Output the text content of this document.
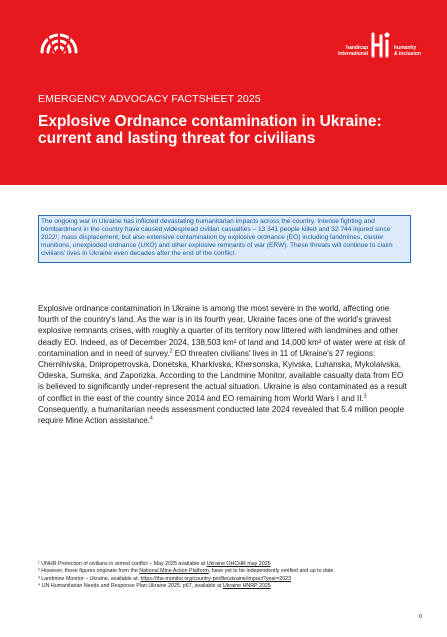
handicap
international
humanity
& inclusion
EMERGENCY ADVOCACY FACTSHEET 2025
Explosive Ordnance contamination in Ukraine: current and lasting threat for civilians
The ongoing war in Ukraine has inflicted devastating humanitarian impacts across the country. Intense fighting and bombardment in the country have caused widespread civilian casualties – 13 341 people killed and 32 744 injured since 2022¹, mass displacement, but also extensive contamination by explosive ordnance (EO) including landmines, cluster munitions, unexploded ordnance (UXO) and other explosive remnants of war (ERW). These threats will continue to claim civilians' lives in Ukraine even decades after the end of the conflict.

Explosive ordnance contamination in Ukraine is among the most severe in the world, affecting one fourth of the country's land. As the war is in its fourth year, Ukraine faces one of the world's gravest explosive remnants crises, with roughly a quarter of its territory now littered with landmines and other deadly EO. Indeed, as of December 2024, 138,503 km² of land and 14,000 km² of water were at risk of contamination and in need of survey.$^2$ EO threaten civilians' lives in 11 of Ukraine's 27 regions: Chernihivska, Dnipropetrovska, Donetska, Kharkivska, Khersonska, Kyivska, Luhanska, Mykolaivska, Odeska, Sumska, and Zaporizka. According to the Landmine Monitor, available casualty data from EO is believed to significantly under-represent the actual situation. Ukraine is also contaminated as a result of conflict in the east of the country since 2014 and EO remaining from World Wars I and II.$^3$ Consequently, a humanitarian needs assessment conducted late 2024 revealed that 5.4 million people require Mine Action assistance.$^4$

¹ UNHR Protection of civilians in armed conflict – May 2025 available at Ukraine OHCHR may 2025

² However, these figures originate from the National Mine Action Platform, have yet to be independently verified and up to date.

³ Landmine Monitor – Ukraine, available at: https://the-monitor.org/country-profile/ukraine/impact?year=2023

⁴ UN Humanitarian Needs and Response Plan Ukraine 2025, p67, available at Ukraine HNRP 2025

0
